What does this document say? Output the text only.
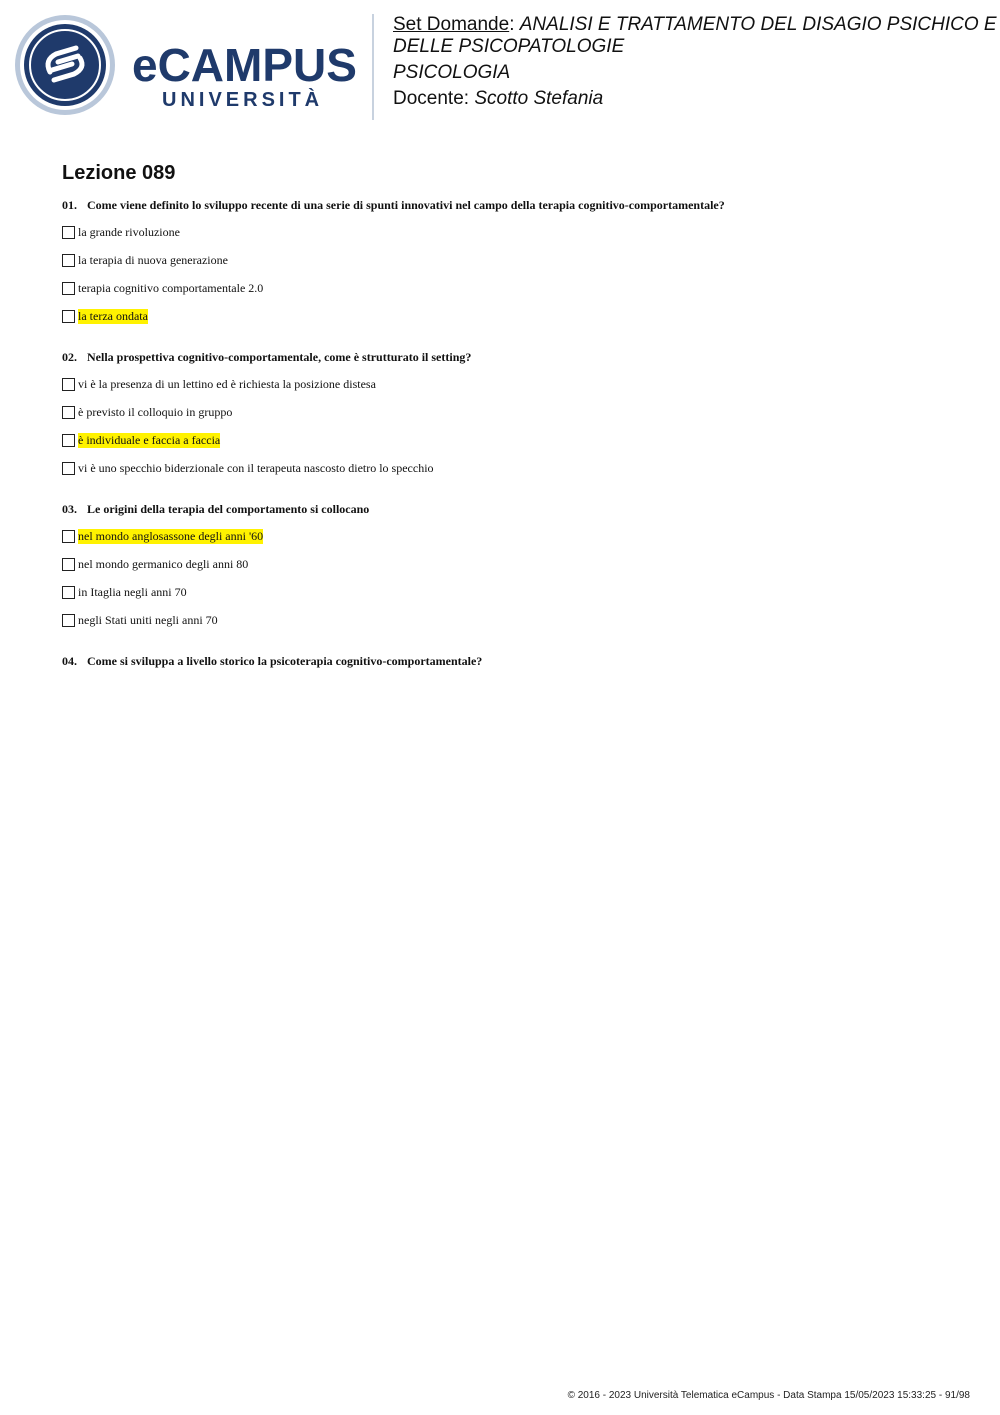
eCAMPUS
UNIVERSITÀ

Set Domande: ANALISI E TRATTAMENTO DEL DISAGIO PSICHICO E

DELLE PSICOPATOLOGIE

PSICOLOGIA

Docente: Scotto Stefania

Lezione 089

01. Come viene definito lo sviluppo recente di una serie di spunti innovativi nel campo della terapia cognitivo-comportamentale?

la grande rivoluzione
la terapia di nuova generazione
terapia cognitivo comportamentale 2.0
la terza ondata

02. Nella prospettiva cognitivo-comportamentale, come è strutturato il setting?

vi è la presenza di un lettino ed è richiesta la posizione distesa
è previsto il colloquio in gruppo
è individuale e faccia a faccia
vi è uno specchio biderzionale con il terapeuta nascosto dietro lo specchio

03. Le origini della terapia del comportamento si collocano

nel mondo anglosassone degli anni '60
nel mondo germanico degli anni 80
in Itaglia negli anni 70
negli Stati uniti negli anni 70

04. Come si sviluppa a livello storico la psicoterapia cognitivo-comportamentale?

© 2016 - 2023 Università Telematica eCampus - Data Stampa 15/05/2023 15:33:25 - 91/98
